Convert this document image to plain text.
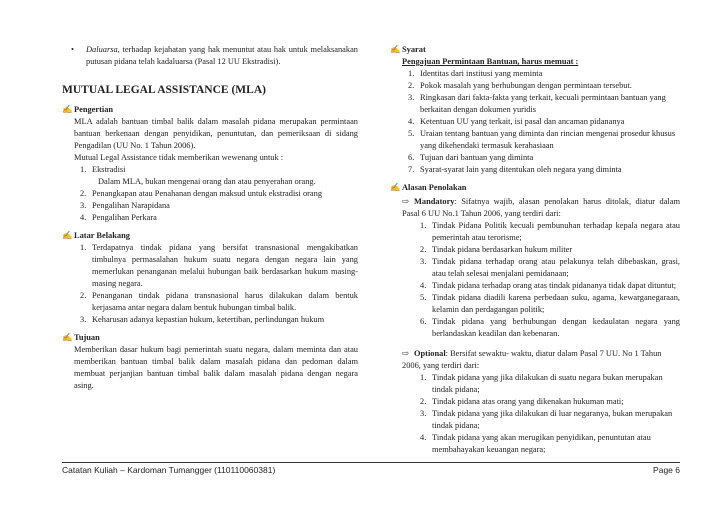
• Daluarsa, terhadap kejahatan yang hak menuntut atau hak untuk melaksanakan putusan pidana telah kadaluarsa (Pasal 12 UU Ekstradisi).

MUTUAL LEGAL ASSISTANCE (MLA)

✍ Pengertian

MLA adalah bantuan timbal balik dalam masalah pidana merupakan permintaan bantuan berkenaan dengan penyidikan, penuntutan, dan pemeriksaan di sidang Pengadilan (UU No. 1 Tahun 2006).
Mutual Legal Assistance tidak memberikan wewenang untuk :
1. Ekstradisi
Dalam MLA, bukan mengenai orang dan atau penyerahan orang.
2. Penangkapan atau Penahanan dengan maksud untuk ekstradisi orang
3. Pengalihan Narapidana
4. Pengalihan Perkara

✍ Latar Belakang

1. Terdapatnya tindak pidana yang bersifat transnasional mengakibatkan timbulnya permasalahan hukum suatu negara dengan negara lain yang memerlukan penanganan melalui hubungan baik berdasarkan hukum masing-masing negara.
2. Penanganan tindak pidana transnasional harus dilakukan dalam bentuk kerjasama antar negara dalam bentuk hubungan timbal balik.
3. Keharusan adanya kepastian hukum, ketertiban, perlindungan hukum

✍ Tujuan

Memberikan dasar hukum bagi pemerintah suatu negara, dalam meminta dan atau memberikan bantuan timbal balik dalam masalah pidana dan pedoman dalam membuat perjanjian bantuan timbal balik dalam masalah pidana dengan negara asing.

✍ Syarat

Pengajuan Permintaan Bantuan, harus memuat :
1. Identitas dari institusi yang meminta
2. Pokok masalah yang berhubungan dengan permintaan tersebut.
3. Ringkasan dari fakta-fakta yang terkait, kecuali permintaan bantuan yang berkaitan dengan dokumen yuridis
4. Ketentuan UU yang terkait, isi pasal dan ancaman pidananya
5. Uraian tentang bantuan yang diminta dan rincian mengenai prosedur khusus yang dikehendaki termasuk kerahasiaan
6. Tujuan dari bantuan yang diminta
7. Syarat-syarat lain yang ditentukan oleh negara yang diminta

✍ Alasan Penolakan

⇨ Mandatory: Sifatnya wajib, alasan penolakan harus ditolak, diatur dalam Pasal 6 UU No.1 Tahun 2006, yang terdiri dari:
1. Tindak Pidana Politik kecuali pembunuhan terhadap kepala negara atau pemerintah atau terorisme;
2. Tindak pidana berdasarkan hukum militer
3. Tindak pidana terhadap orang atau pelakunya telah dibebaskan, grasi, atau telah selesai menjalani pemidanaan;
4. Tindak pidana terhadap orang atas tindak pidananya tidak dapat dituntut;
5. Tindak pidana diadili karena perbedaan suku, agama, kewarganegaraan, kelamin dan perdagangan politik;
6. Tindak pidana yang berhubungan dengan kedaulatan negara yang berlandaskan keadilan dan kebenaran.
⇨ Optional: Bersifat sewaktu- waktu, diatur dalam Pasal 7 UU. No 1 Tahun 2006, yang terdiri dari:
1. Tindak pidana yang jika dilakukan di suatu negara bukan merupakan tindak pidana;
2. Tindak pidana atas orang yang dikenakan hukuman mati;
3. Tindak pidana yang jika dilakukan di luar negaranya, bukan merupakan tindak pidana;
4. Tindak pidana yang akan merugikan penyidikan, penuntutan atau membahayakan keuangan negara;
Catatan Kuliah – Kardoman Tumangger (110110060381)	Page 6
